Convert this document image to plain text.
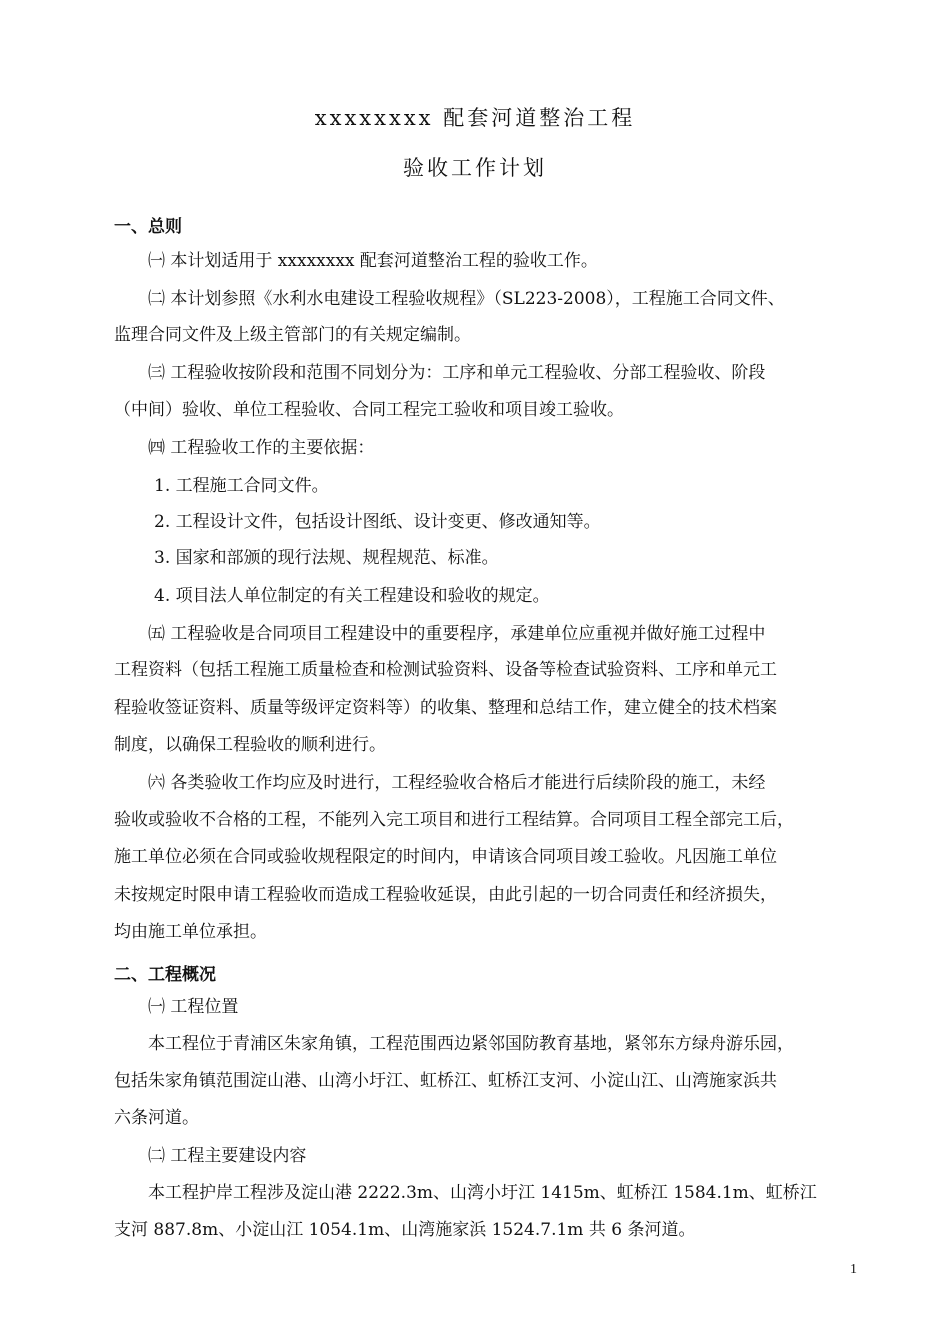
xxxxxxxx 配套河道整治工程
验收工作计划
一、总则
㈠ 本计划适用于 xxxxxxxx 配套河道整治工程的验收工作。
㈡ 本计划参照《水利水电建设工程验收规程》（SL223-2008），工程施工合同文件、
监理合同文件及上级主管部门的有关规定编制。
㈢ 工程验收按阶段和范围不同划分为：工序和单元工程验收、分部工程验收、阶段
（中间）验收、单位工程验收、合同工程完工验收和项目竣工验收。
㈣ 工程验收工作的主要依据：
1. 工程施工合同文件。
2. 工程设计文件，包括设计图纸、设计变更、修改通知等。
3. 国家和部颁的现行法规、规程规范、标准。
4. 项目法人单位制定的有关工程建设和验收的规定。
㈤ 工程验收是合同项目工程建设中的重要程序，承建单位应重视并做好施工过程中
工程资料（包括工程施工质量检查和检测试验资料、设备等检查试验资料、工序和单元工
程验收签证资料、质量等级评定资料等）的收集、整理和总结工作，建立健全的技术档案
制度，以确保工程验收的顺利进行。
㈥ 各类验收工作均应及时进行，工程经验收合格后才能进行后续阶段的施工，未经
验收或验收不合格的工程，不能列入完工项目和进行工程结算。合同项目工程全部完工后，
施工单位必须在合同或验收规程限定的时间内，申请该合同项目竣工验收。凡因施工单位
未按规定时限申请工程验收而造成工程验收延误，由此引起的一切合同责任和经济损失，
均由施工单位承担。
二、工程概况
㈠ 工程位置
本工程位于青浦区朱家角镇，工程范围西边紧邻国防教育基地，紧邻东方绿舟游乐园，
包括朱家角镇范围淀山港、山湾小圩江、虹桥江、虹桥江支河、小淀山江、山湾施家浜共
六条河道。
㈡ 工程主要建设内容
本工程护岸工程涉及淀山港 2222.3m、山湾小圩江 1415m、虹桥江 1584.1m、虹桥江
支河 887.8m、小淀山江 1054.1m、山湾施家浜 1524.7.1m 共 6 条河道。
1
